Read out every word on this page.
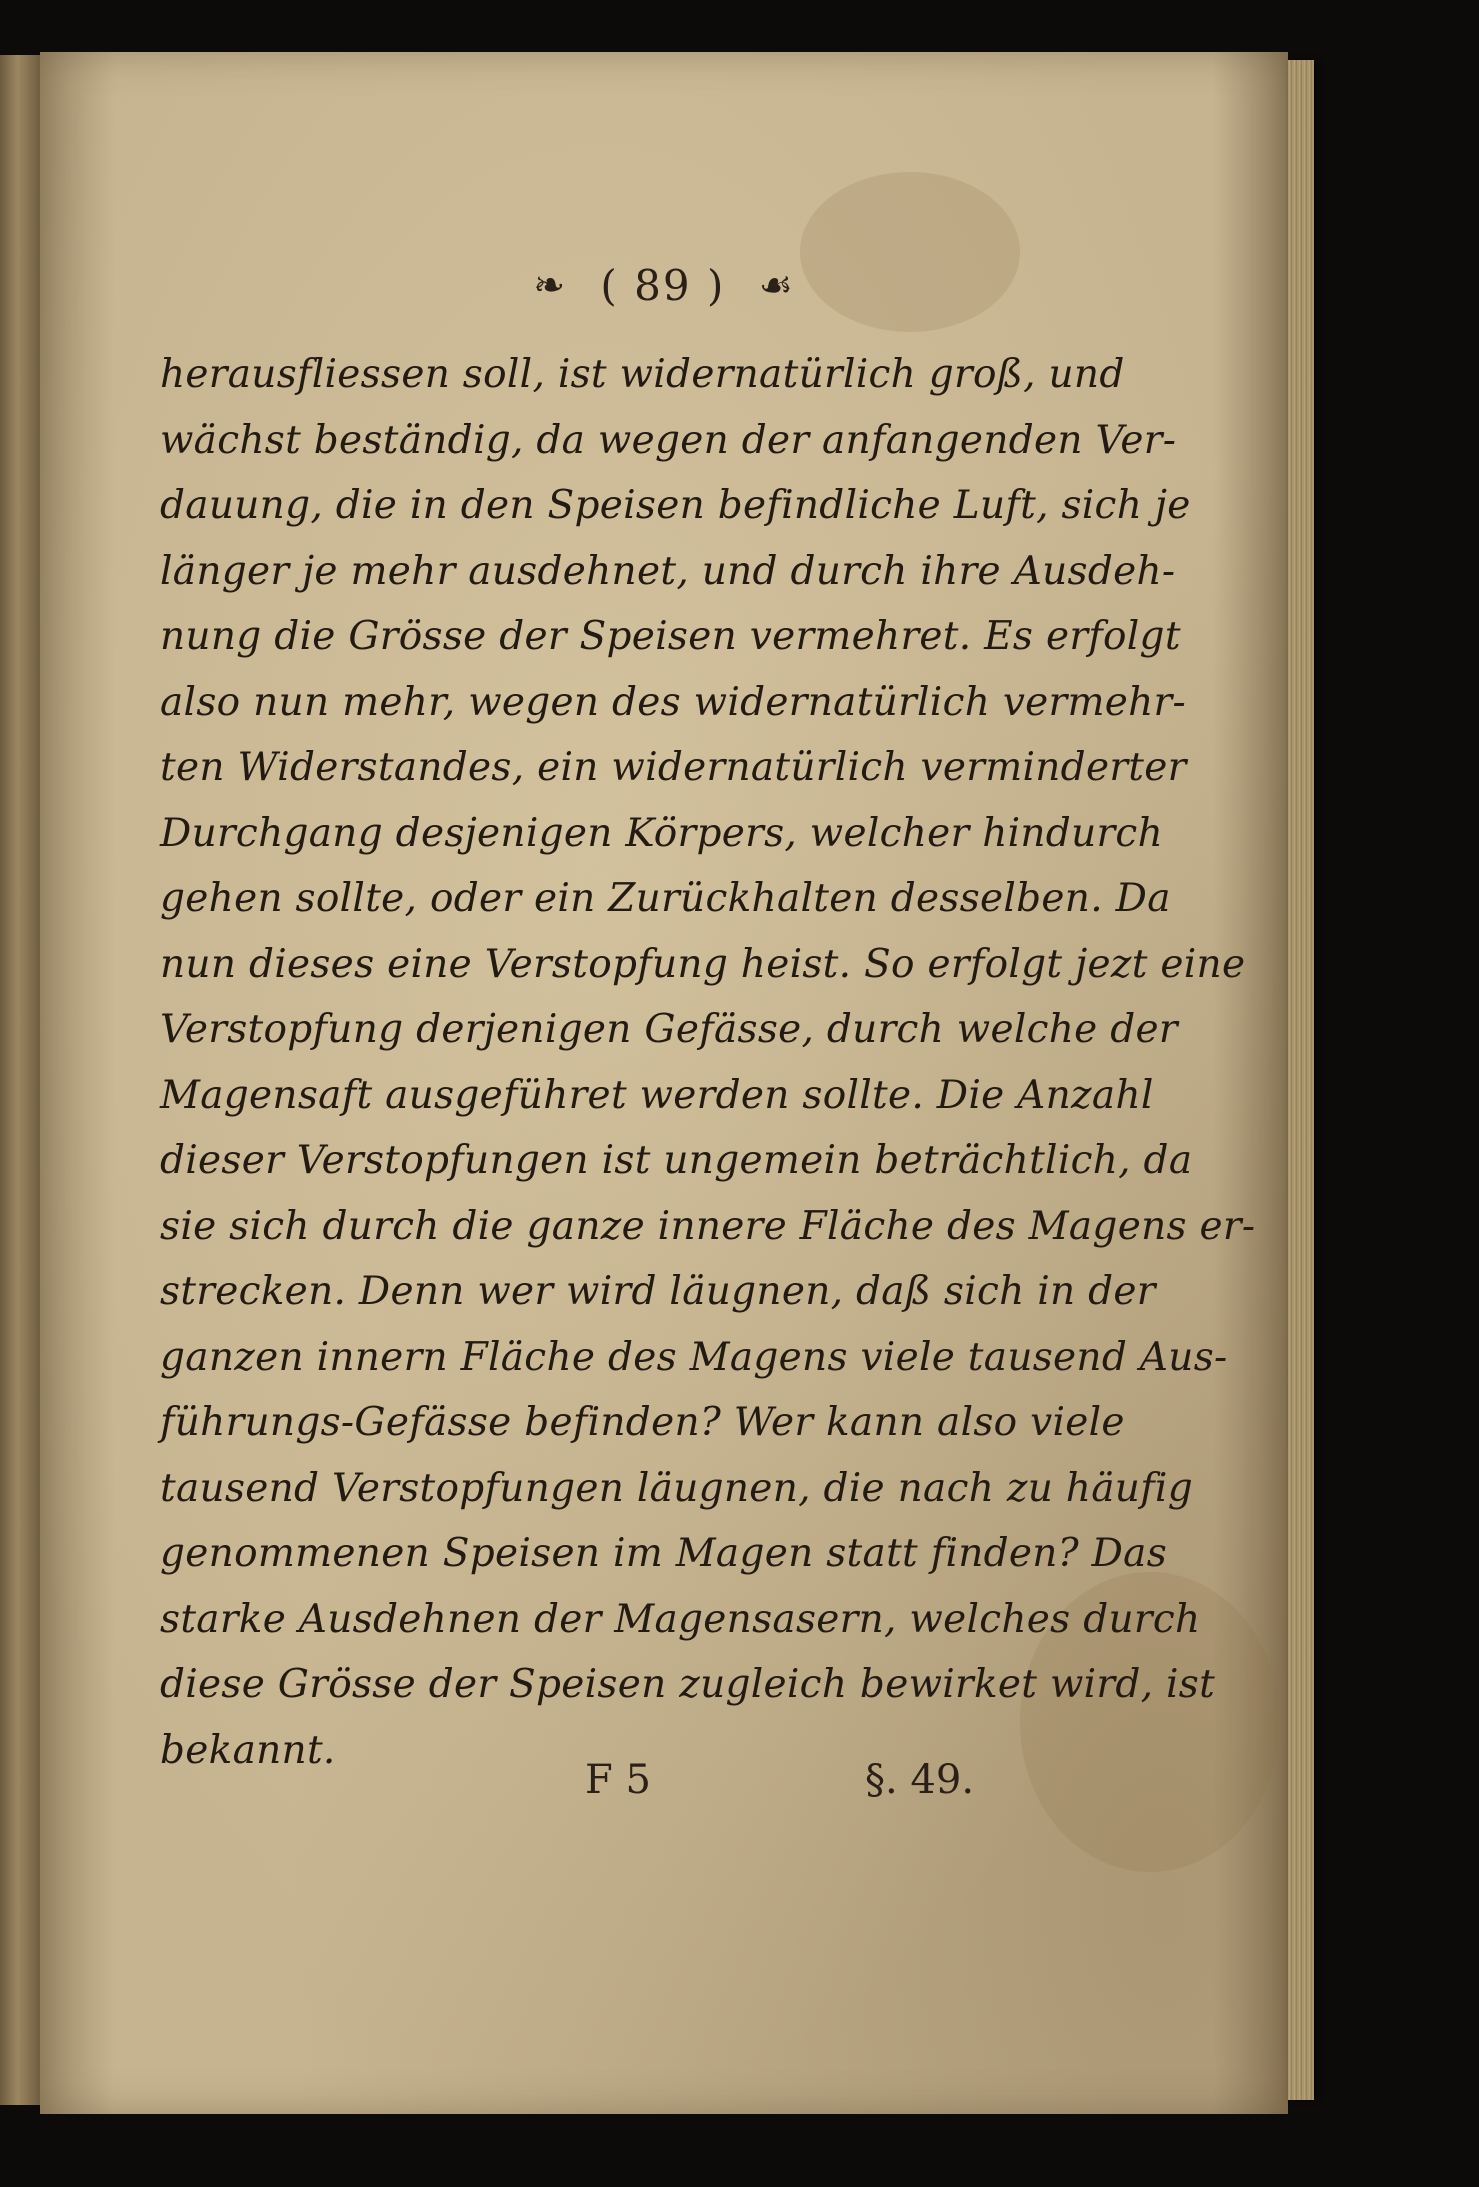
❧ ( 89 ) ☙
herausfliessen soll, ist widernatürlich groß, und
wächst beständig, da wegen der anfangenden Ver-
dauung, die in den Speisen befindliche Luft, sich je
länger je mehr ausdehnet, und durch ihre Ausdeh-
nung die Grösse der Speisen vermehret. Es erfolgt
also nun mehr, wegen des widernatürlich vermehr-
ten Widerstandes, ein widernatürlich verminderter
Durchgang desjenigen Körpers, welcher hindurch
gehen sollte, oder ein Zurückhalten desselben. Da
nun dieses eine Verstopfung heist. So erfolgt jezt eine
Verstopfung derjenigen Gefässe, durch welche der
Magensaft ausgeführet werden sollte. Die Anzahl
dieser Verstopfungen ist ungemein beträchtlich, da
sie sich durch die ganze innere Fläche des Magens er-
strecken. Denn wer wird läugnen, daß sich in der
ganzen innern Fläche des Magens viele tausend Aus-
führungs-Gefässe befinden? Wer kann also viele
tausend Verstopfungen läugnen, die nach zu häufig
genommenen Speisen im Magen statt finden? Das
starke Ausdehnen der Magensasern, welches durch
diese Grösse der Speisen zugleich bewirket wird, ist
bekannt.
F 5	§. 49.
